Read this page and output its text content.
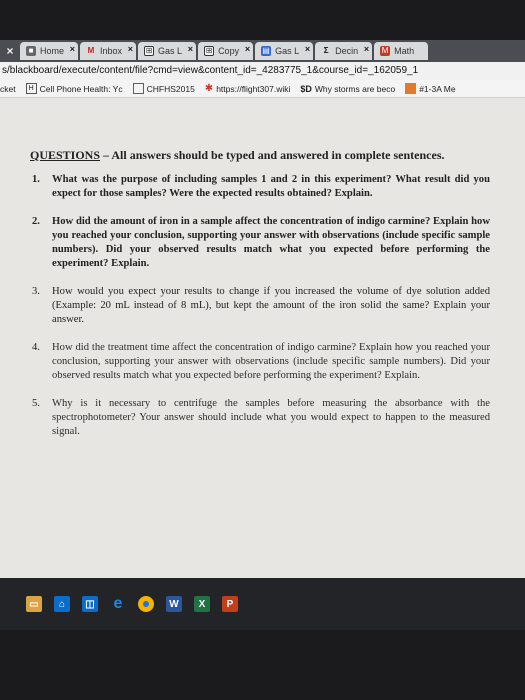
×	■ Home × M Inbox × ⊞ Gas L × ⊞ Copy × ▤ Gas L ×	Σ Decin × M Math
s/blackboard/execute/content/file?cmd=view&content_id=_4283775_1&course_id=_162059_1
cket	H Cell Phone Health: Yc	CHFHS2015 ✱ https://flight307.wiki $D Why storms are beco	#1-3A Me

QUESTIONS – All answers should be typed and answered in complete sentences.

1.	What was the purpose of including samples 1 and 2 in this experiment? What result did you expect for those samples? Were the expected results obtained? Explain.
2.	How did the amount of iron in a sample affect the concentration of indigo carmine? Explain how you reached your conclusion, supporting your answer with observations (include specific sample numbers). Did your observed results match what you expected before performing the experiment? Explain.
3.	How would you expect your results to change if you increased the volume of dye solution added (Example: 20 mL instead of 8 mL), but kept the amount of the iron solid the same? Explain your answer.
4.	How did the treatment time affect the concentration of indigo carmine? Explain how you reached your conclusion, supporting your answer with observations (include specific sample numbers). Did your observed results match what you expected before performing the experiment? Explain.
5.	Why is it necessary to centrifuge the samples before measuring the absorbance with the spectrophotometer? Your answer should include what you would expect to happen to the measured signal.
▭	⌂	◫ e	W	X	P
